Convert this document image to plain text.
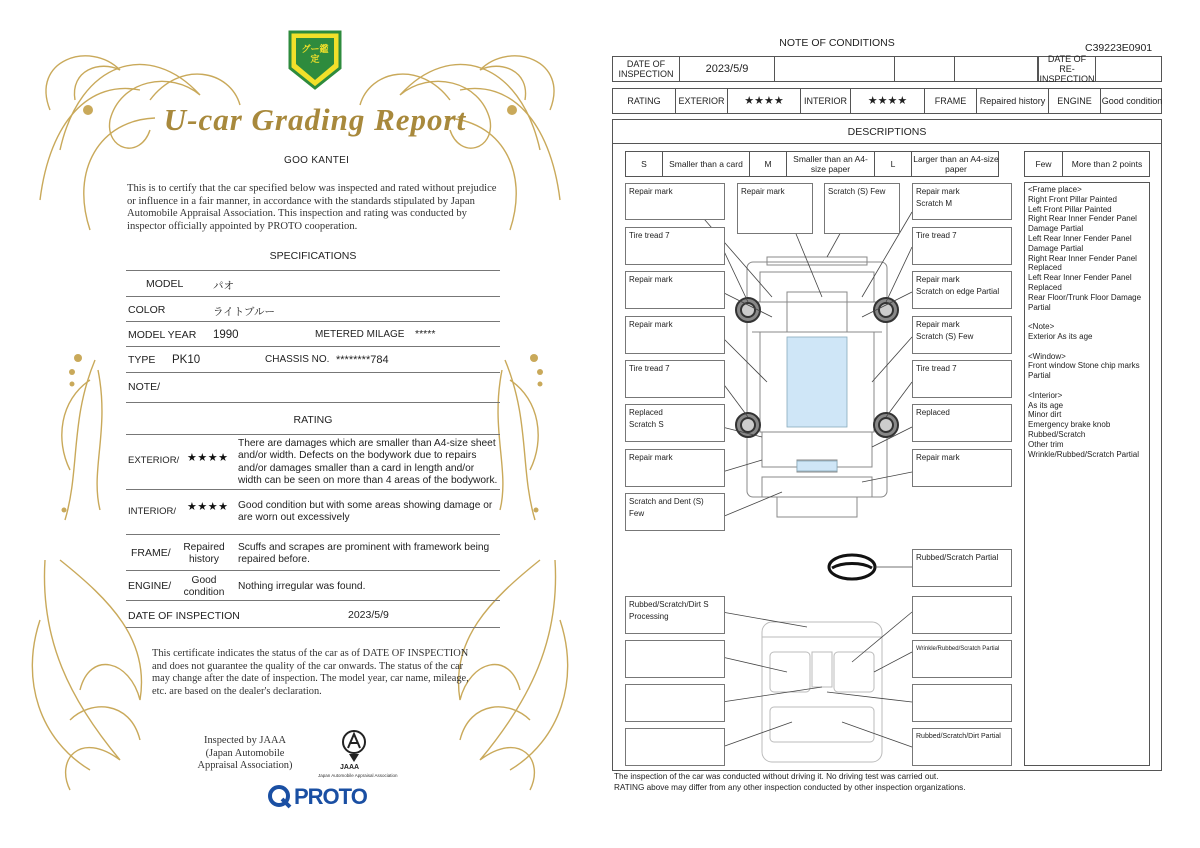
グー鑑定
U-car Grading Report
GOO KANTEI
This is to certify that the car specified below was inspected and rated without prejudice or influence in a fair manner, in accordance with the standards stipulated by Japan Automobile Appraisal Association. This inspection and rating was conducted by inspector officially appointed by PROTO cooperation.
SPECIFICATIONS
MODEL	パオ
COLOR	ライトブルー
MODEL YEAR 1990	METERED MILAGE *****
TYPE PK10	CHASSIS NO. ********784
NOTE/
RATING
EXTERIOR/ ★★★★
There are damages which are smaller than A4-size sheet and/or width. Defects on the bodywork due to repairs and/or damages smaller than a card in length and/or width can be seen on more than 4 areas of the bodywork.
INTERIOR/ ★★★★ Good condition but with some areas showing damage or are worn out excessively
FRAME/	Repaired history
Scuffs and scrapes are prominent with framework being repaired before.
ENGINE/	Good condition
Nothing irregular was found.
DATE OF INSPECTION	2023/5/9
This certificate indicates the status of the car as of DATE OF INSPECTION and does not guarantee the quality of the car onwards. The status of the car may change after the date of inspection. The model year, car name, mileage, etc. are based on the dealer's declaration.
Inspected by JAAA (Japan Automobile Appraisal Association)	JAAA
Japan Automobile Appraisal Association
PROTO
NOTE OF CONDITIONS	C39223E0901
DATE OF INSPECTION	2023/5/9
DATE OF RE-INSPECTION
RATING	EXTERIOR	★★★★	INTERIOR	★★★★	FRAME	Repaired history	ENGINE	Good condition
DESCRIPTIONS
S	Smaller than a card	M	Smaller than an A4-size paper	L	Larger than an A4-size paper	Few	More than 2 points
<Frame place>
Right Front Pillar Painted
Left Front Pillar Painted
Right Rear Inner Fender Panel Damage Partial
Left Rear Inner Fender Panel Damage Partial
Right Rear Inner Fender Panel Replaced
Left Rear Inner Fender Panel Replaced
Rear Floor/Trunk Floor Damage Partial
<Note>
Exterior As its age
<Window>
Front window Stone chip marks Partial
<Interior>
As its age
Minor dirt
Emergency brake knob Rubbed/Scratch
Other trim
Wrinkle/Rubbed/Scratch Partial
Repair mark	Repair mark	Scratch (S) Few	Repair mark
Scratch M
Tire tread 7	Tire tread 7
Repair mark	Repair mark
Scratch on edge Partial
Repair mark	Repair mark
Scratch (S) Few
Tire tread 7	Tire tread 7
Replaced
Scratch S
Replaced
Repair mark	Repair mark
Scratch and Dent (S) Few
Rubbed/Scratch Partial
Rubbed/Scratch/Dirt S
Processing
Wrinkle/Rubbed/Scratch Partial
Rubbed/Scratch/Dirt Partial
The inspection of the car was conducted without driving it. No driving test was carried out.
RATING above may differ from any other inspection conducted by other inspection organizations.
